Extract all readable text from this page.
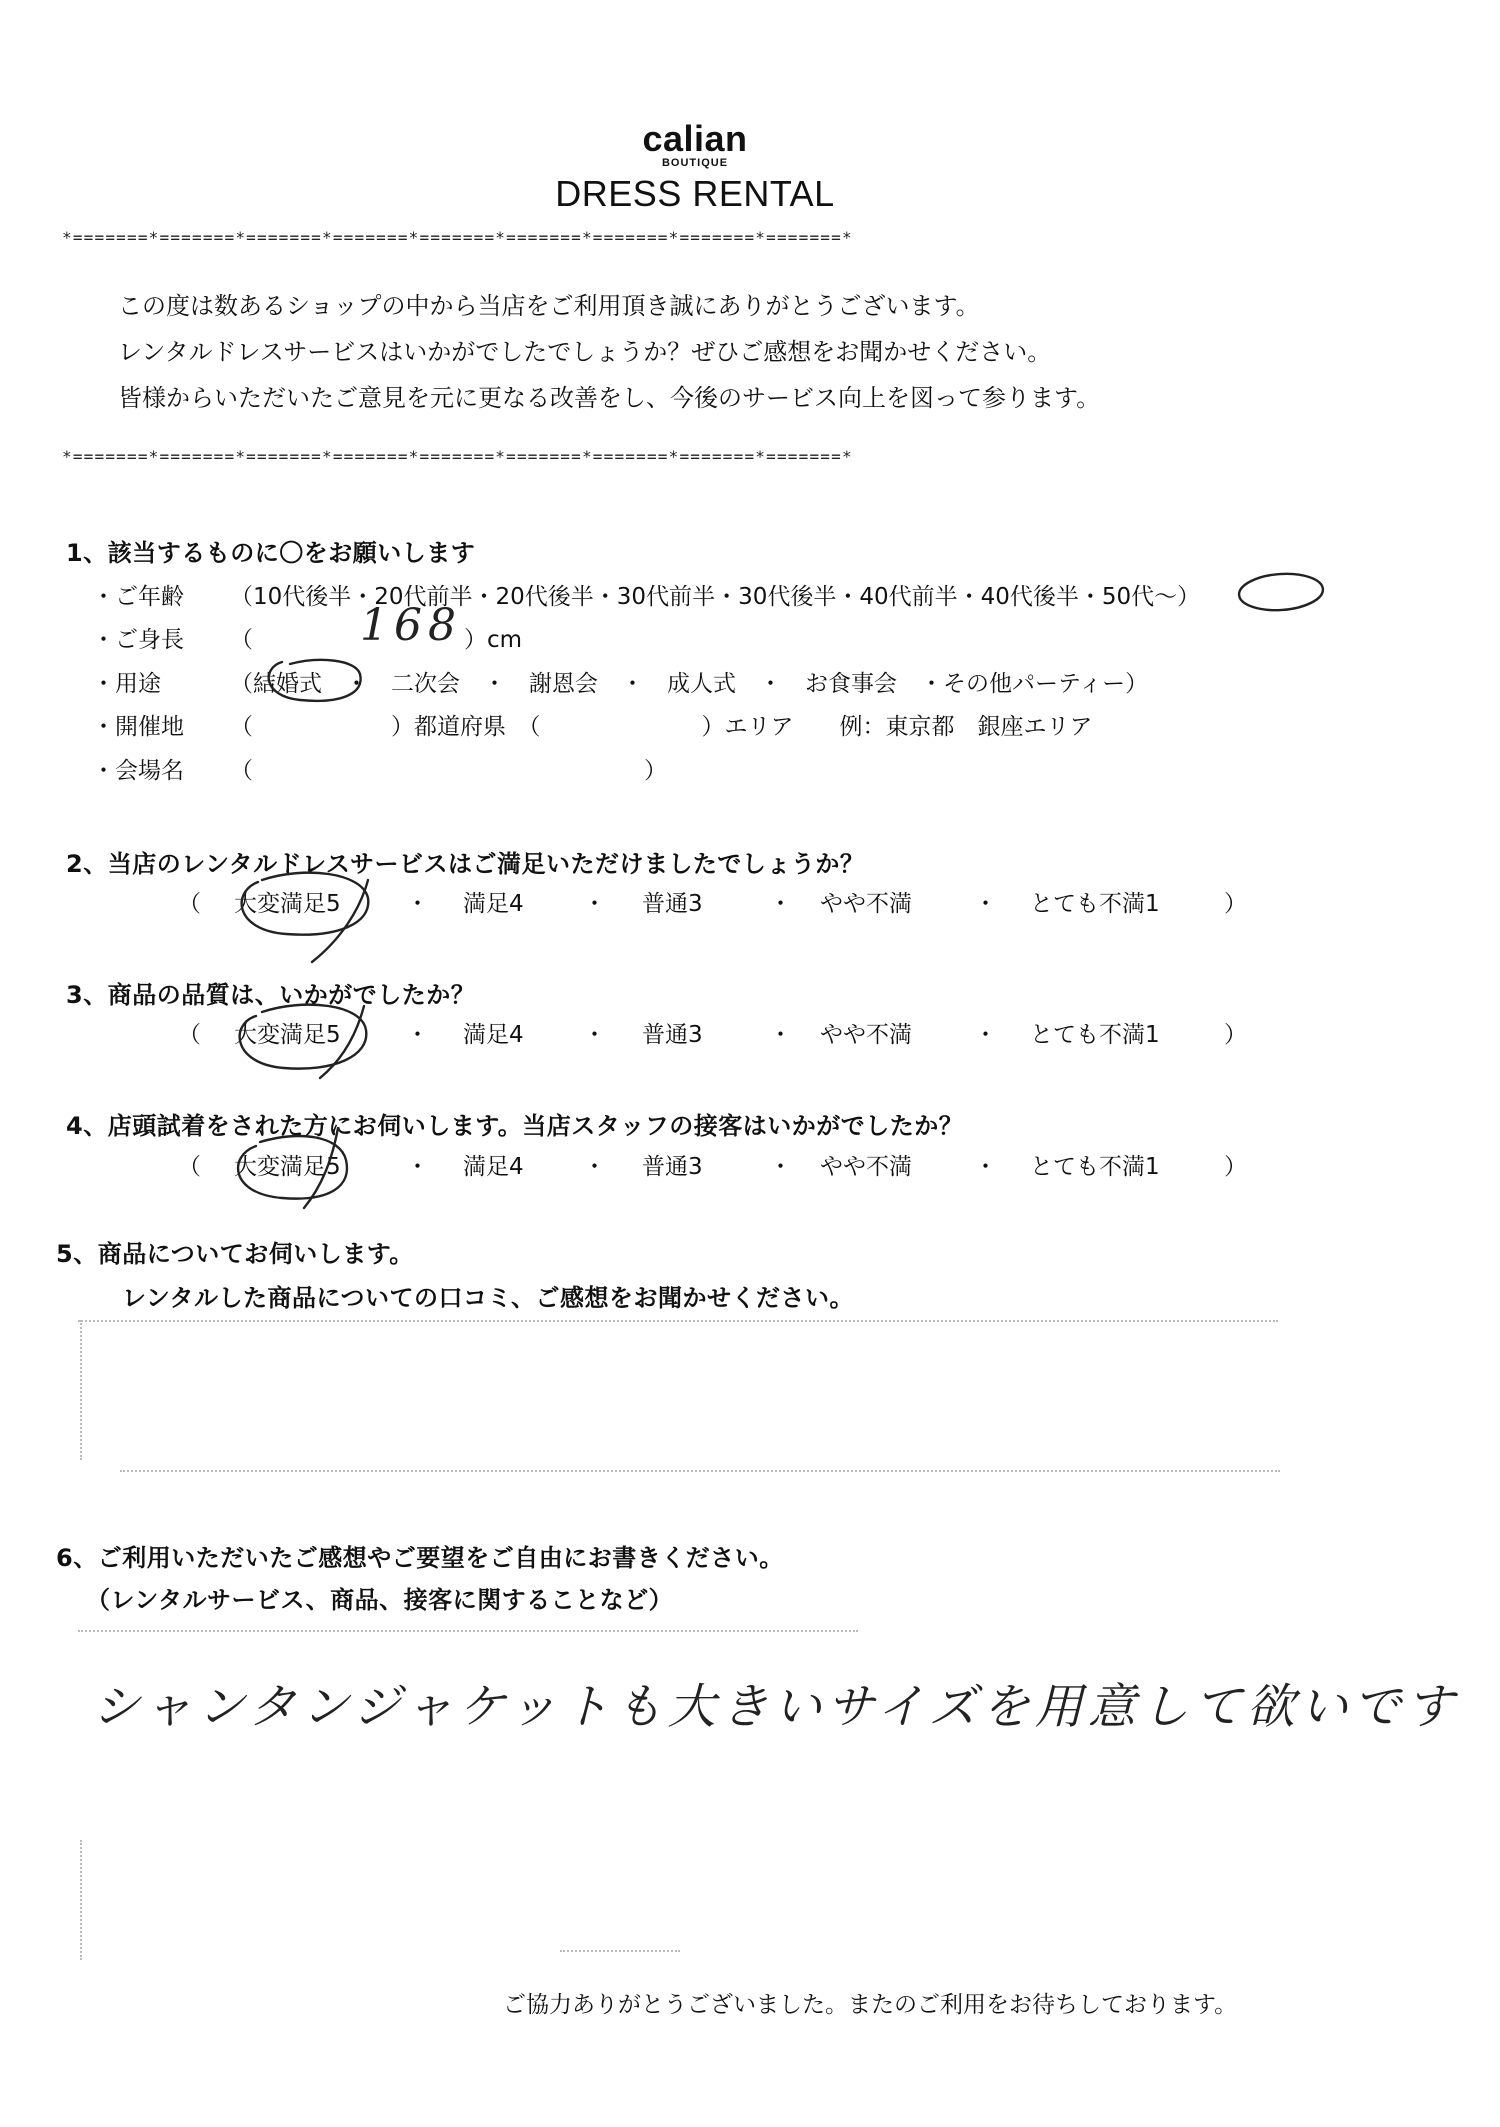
calian
BOUTIQUE
DRESS RENTAL
*=======*=======*=======*=======*=======*=======*=======*=======*=======*
この度は数あるショップの中から当店をご利用頂き誠にありがとうございます。
レンタルドレスサービスはいかがでしたでしょうか？ぜひご感想をお聞かせください。
皆様からいただいたご意見を元に更なる改善をし、今後のサービス向上を図って参ります。
*=======*=======*=======*=======*=======*=======*=======*=======*=======*
1、該当するものに〇をお願いします
・ご年齢 （10代後半・20代前半・20代後半・30代前半・30代後半・40代前半・40代後半・50代〜）
・ご身長 （ 168 ）cm
・用途	（結婚式　・　二次会　・　謝恩会　・　成人式　・　お食事会　・その他パーティー）
・開催地 （　　　　　　）都道府県　（　　　　　　　）エリア　　例：東京都　銀座エリア
・会場名 （　　　　　　　　　　　　　　　　　）
2、当店のレンタルドレスサービスはご満足いただけましたでしょうか？
（ 大変満足5	・ 満足4	・ 普通3	・ やや不満	・ とても不満1	）
3、商品の品質は、いかがでしたか？
（ 大変満足5	・ 満足4	・ 普通3	・ やや不満	・ とても不満1	）
4、店頭試着をされた方にお伺いします。当店スタッフの接客はいかがでしたか？
（ 大変満足5	・ 満足4	・ 普通3	・ やや不満	・ とても不満1	）
5、商品についてお伺いします。
レンタルした商品についての口コミ、ご感想をお聞かせください。
6、ご利用いただいたご感想やご要望をご自由にお書きください。
（レンタルサービス、商品、接客に関することなど）
シャンタンジャケットも大きいサイズを用意して欲いです
ご協力ありがとうございました。またのご利用をお待ちしております。
